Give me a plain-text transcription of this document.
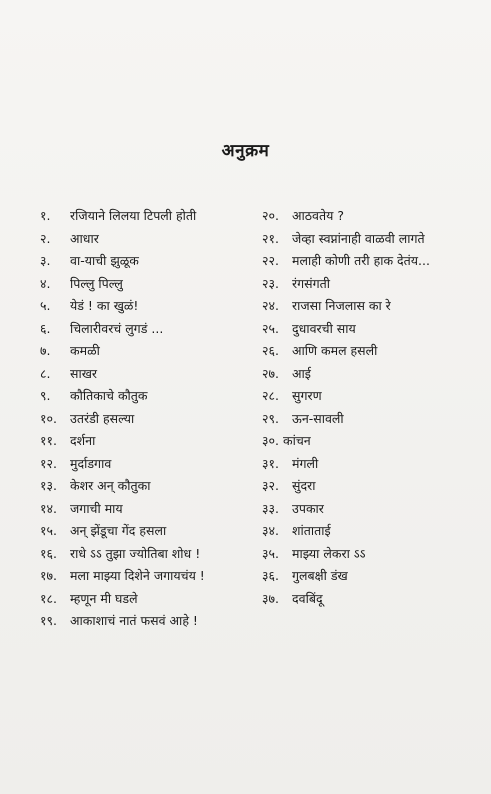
अनुक्रम
१.	रजियाने लिलया टिपली होती
२.	आधार
३.	वा-याची झुळूक
४.	पिल्लु पिल्लु
५.	येडं ! का खुळं!
६.	चिलारीवरचं लुगडं ...
७.	कमळी
८.	साखर
९.	कौतिकाचे कौतुक
१०.	उतरंडी हसल्या
११.	दर्शना
१२.	मुर्दाडगाव
१३.	केशर अन् कौतुका
१४.	जगाची माय
१५.	अन् झेंडूचा गेंद हसला
१६.	राधे ऽऽ तुझा ज्योतिबा शोध !
१७.	मला माझ्या दिशेने जगायचंय !
१८.	म्हणून मी घडले
१९.	आकाशाचं नातं फसवं आहे !
२०.	आठवतेय ?
२१.	जेव्हा स्वप्नांनाही वाळवी लागते
२२.	मलाही कोणी तरी हाक देतंय...
२३.	रंगसंगती
२४.	राजसा निजलास का रे
२५.	दुधावरची साय
२६.	आणि कमल हसली
२७.	आई
२८.	सुगरण
२९.	ऊन-सावली
३०. कांचन
३१.	मंगली
३२.	सुंदरा
३३.	उपकार
३४.	शांताताई
३५.	माझ्या लेकरा ऽऽ
३६.	गुलबक्षी डंख
३७.	दवबिंदू
